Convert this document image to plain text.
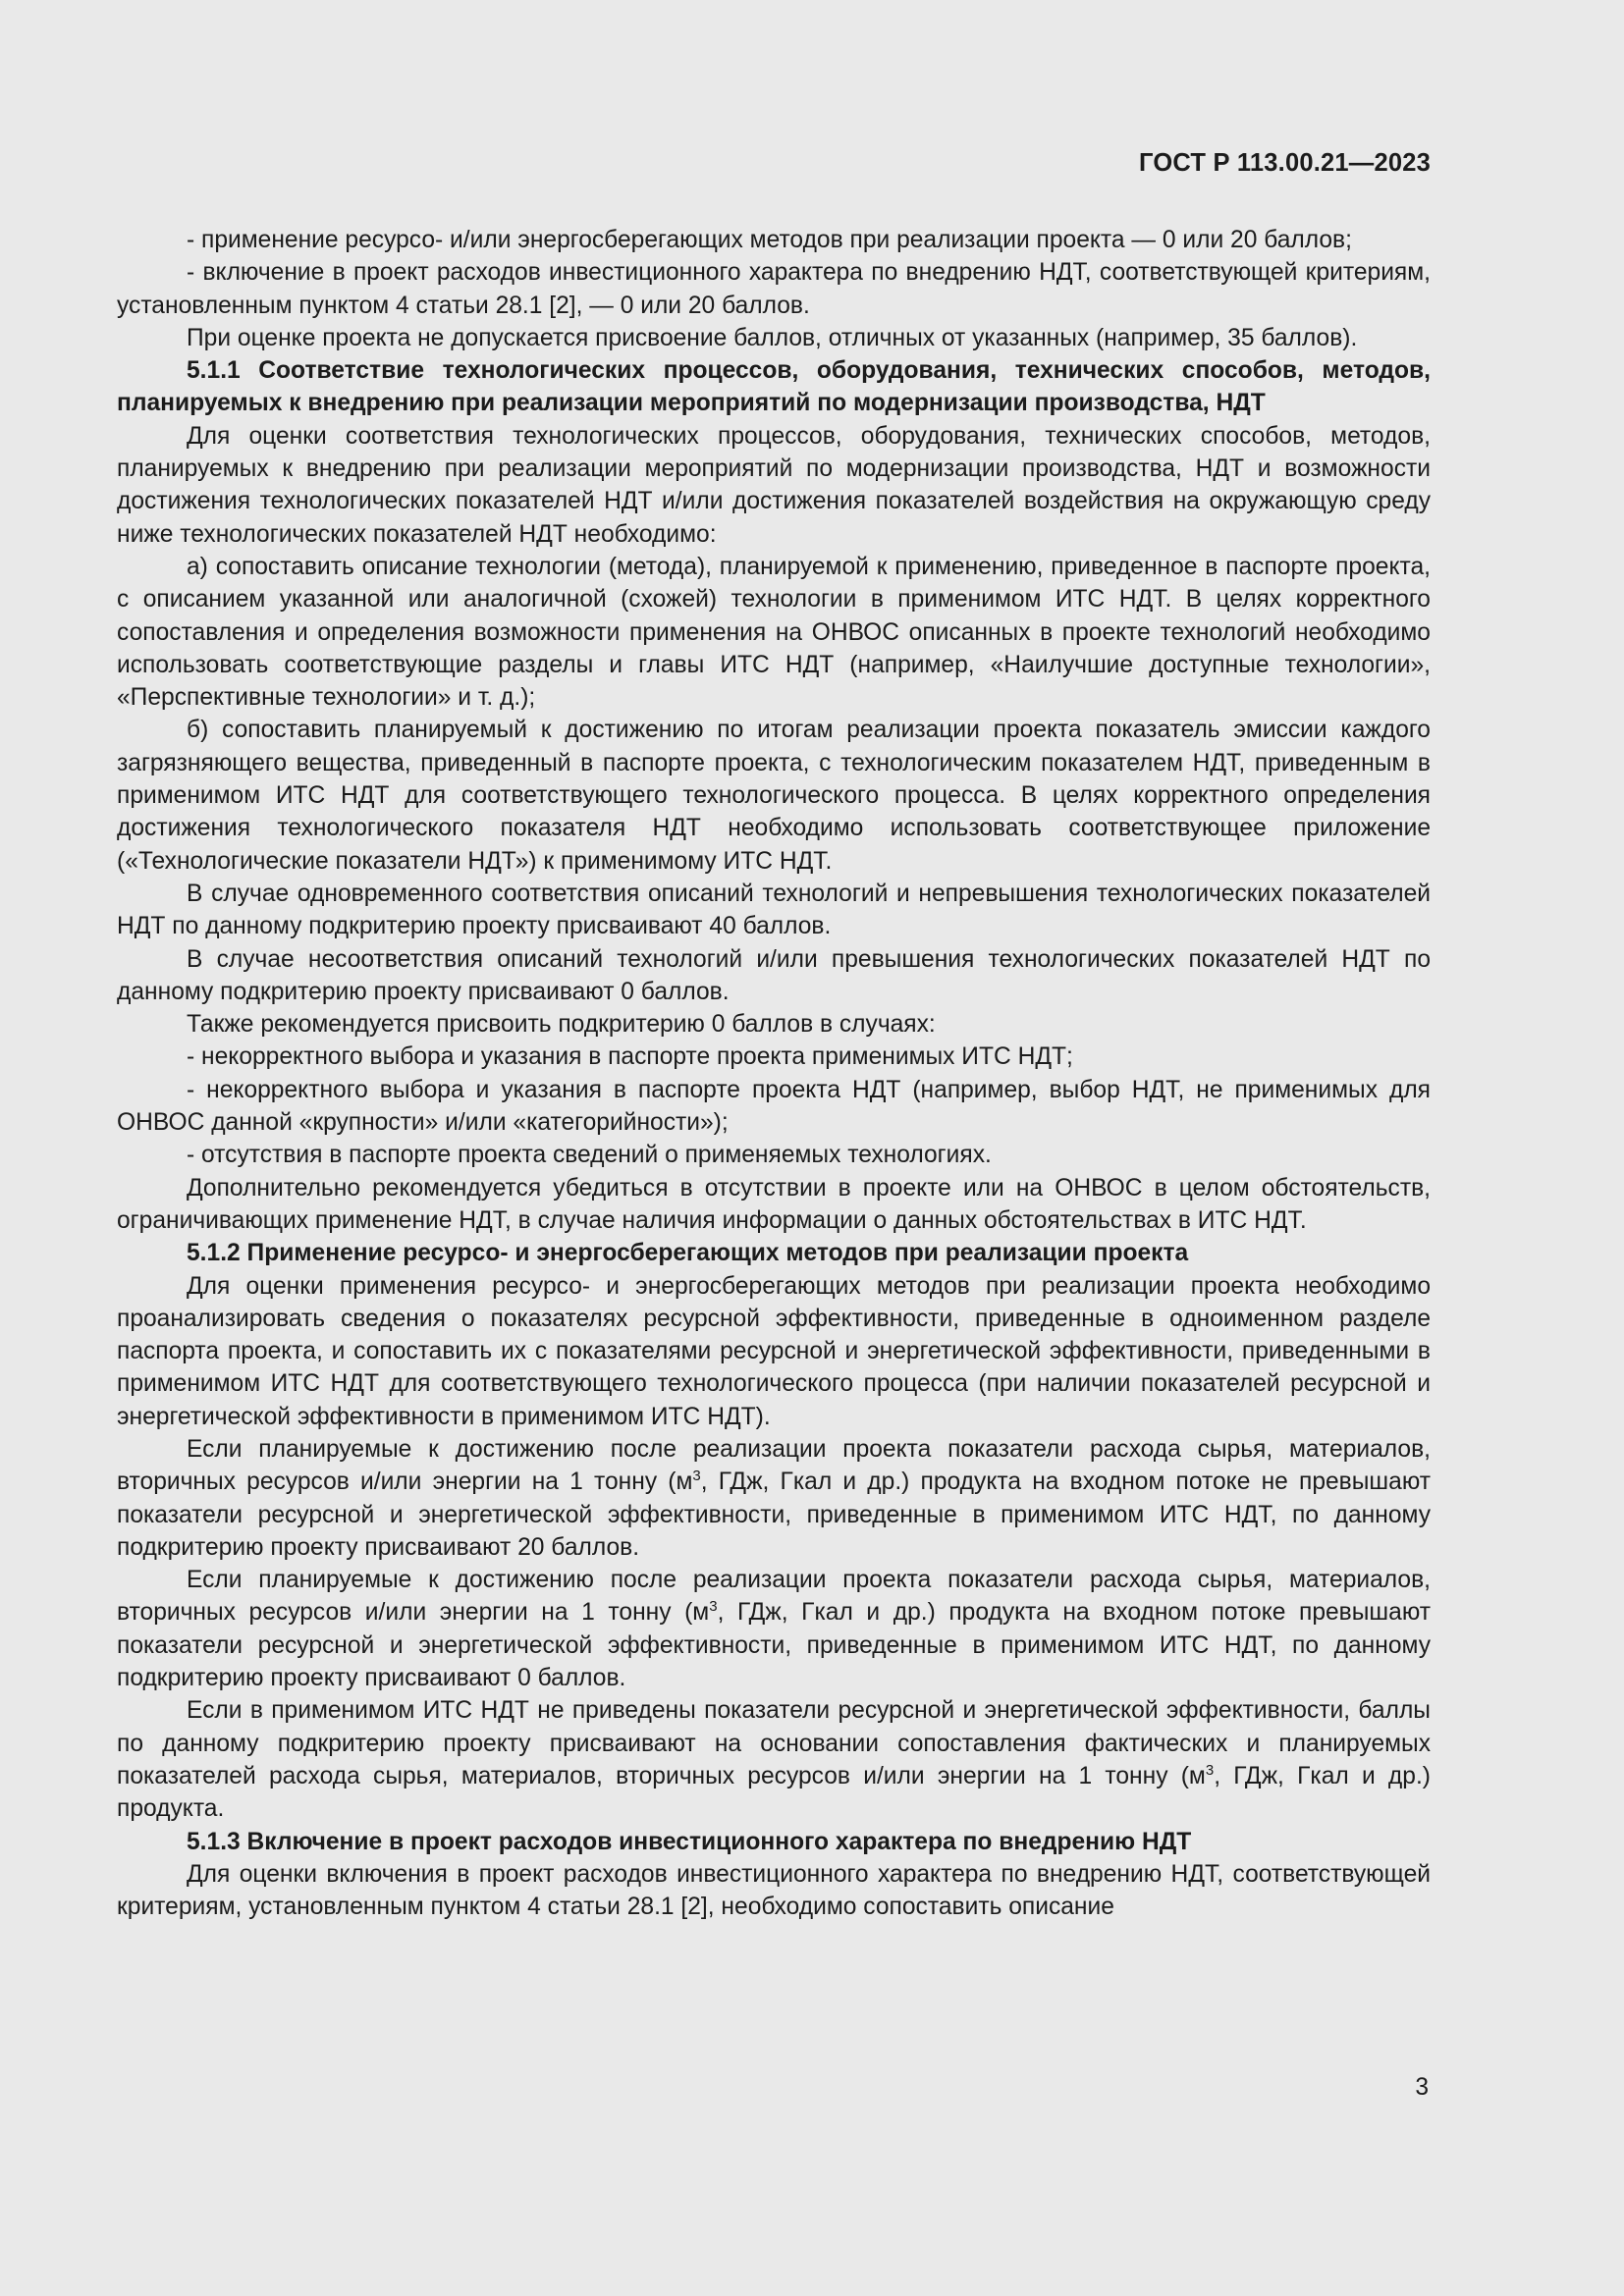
ГОСТ Р 113.00.21—2023

- применение ресурсо- и/или энергосберегающих методов при реализации проекта — 0 или 20 баллов;

- включение в проект расходов инвестиционного характера по внедрению НДТ, соответствующей критериям, установленным пунктом 4 статьи 28.1 [2], — 0 или 20 баллов.

При оценке проекта не допускается присвоение баллов, отличных от указанных (например, 35 баллов).

5.1.1 Соответствие технологических процессов, оборудования, технических способов, методов, планируемых к внедрению при реализации мероприятий по модернизации производства, НДТ

Для оценки соответствия технологических процессов, оборудования, технических способов, методов, планируемых к внедрению при реализации мероприятий по модернизации производства, НДТ и возможности достижения технологических показателей НДТ и/или достижения показателей воздействия на окружающую среду ниже технологических показателей НДТ необходимо:

а) сопоставить описание технологии (метода), планируемой к применению, приведенное в паспорте проекта, с описанием указанной или аналогичной (схожей) технологии в применимом ИТС НДТ. В целях корректного сопоставления и определения возможности применения на ОНВОС описанных в проекте технологий необходимо использовать соответствующие разделы и главы ИТС НДТ (например, «Наилучшие доступные технологии», «Перспективные технологии» и т. д.);

б) сопоставить планируемый к достижению по итогам реализации проекта показатель эмиссии каждого загрязняющего вещества, приведенный в паспорте проекта, с технологическим показателем НДТ, приведенным в применимом ИТС НДТ для соответствующего технологического процесса. В целях корректного определения достижения технологического показателя НДТ необходимо использовать соответствующее приложение («Технологические показатели НДТ») к применимому ИТС НДТ.

В случае одновременного соответствия описаний технологий и непревышения технологических показателей НДТ по данному подкритерию проекту присваивают 40 баллов.

В случае несоответствия описаний технологий и/или превышения технологических показателей НДТ по данному подкритерию проекту присваивают 0 баллов.

Также рекомендуется присвоить подкритерию 0 баллов в случаях:

- некорректного выбора и указания в паспорте проекта применимых ИТС НДТ;

- некорректного выбора и указания в паспорте проекта НДТ (например, выбор НДТ, не применимых для ОНВОС данной «крупности» и/или «категорийности»);

- отсутствия в паспорте проекта сведений о применяемых технологиях.

Дополнительно рекомендуется убедиться в отсутствии в проекте или на ОНВОС в целом обстоятельств, ограничивающих применение НДТ, в случае наличия информации о данных обстоятельствах в ИТС НДТ.

5.1.2 Применение ресурсо- и энергосберегающих методов при реализации проекта

Для оценки применения ресурсо- и энергосберегающих методов при реализации проекта необходимо проанализировать сведения о показателях ресурсной эффективности, приведенные в одноименном разделе паспорта проекта, и сопоставить их с показателями ресурсной и энергетической эффективности, приведенными в применимом ИТС НДТ для соответствующего технологического процесса (при наличии показателей ресурсной и энергетической эффективности в применимом ИТС НДТ).

Если планируемые к достижению после реализации проекта показатели расхода сырья, материалов, вторичных ресурсов и/или энергии на 1 тонну ($м^3$, ГДж, Гкал и др.) продукта на входном потоке не превышают показатели ресурсной и энергетической эффективности, приведенные в применимом ИТС НДТ, по данному подкритерию проекту присваивают 20 баллов.

Если планируемые к достижению после реализации проекта показатели расхода сырья, материалов, вторичных ресурсов и/или энергии на 1 тонну ($м^3$, ГДж, Гкал и др.) продукта на входном потоке превышают показатели ресурсной и энергетической эффективности, приведенные в применимом ИТС НДТ, по данному подкритерию проекту присваивают 0 баллов.

Если в применимом ИТС НДТ не приведены показатели ресурсной и энергетической эффективности, баллы по данному подкритерию проекту присваивают на основании сопоставления фактических и планируемых показателей расхода сырья, материалов, вторичных ресурсов и/или энергии на 1 тонну ($м^3$, ГДж, Гкал и др.) продукта.

5.1.3 Включение в проект расходов инвестиционного характера по внедрению НДТ

Для оценки включения в проект расходов инвестиционного характера по внедрению НДТ, соответствующей критериям, установленным пунктом 4 статьи 28.1 [2], необходимо сопоставить описание

3
